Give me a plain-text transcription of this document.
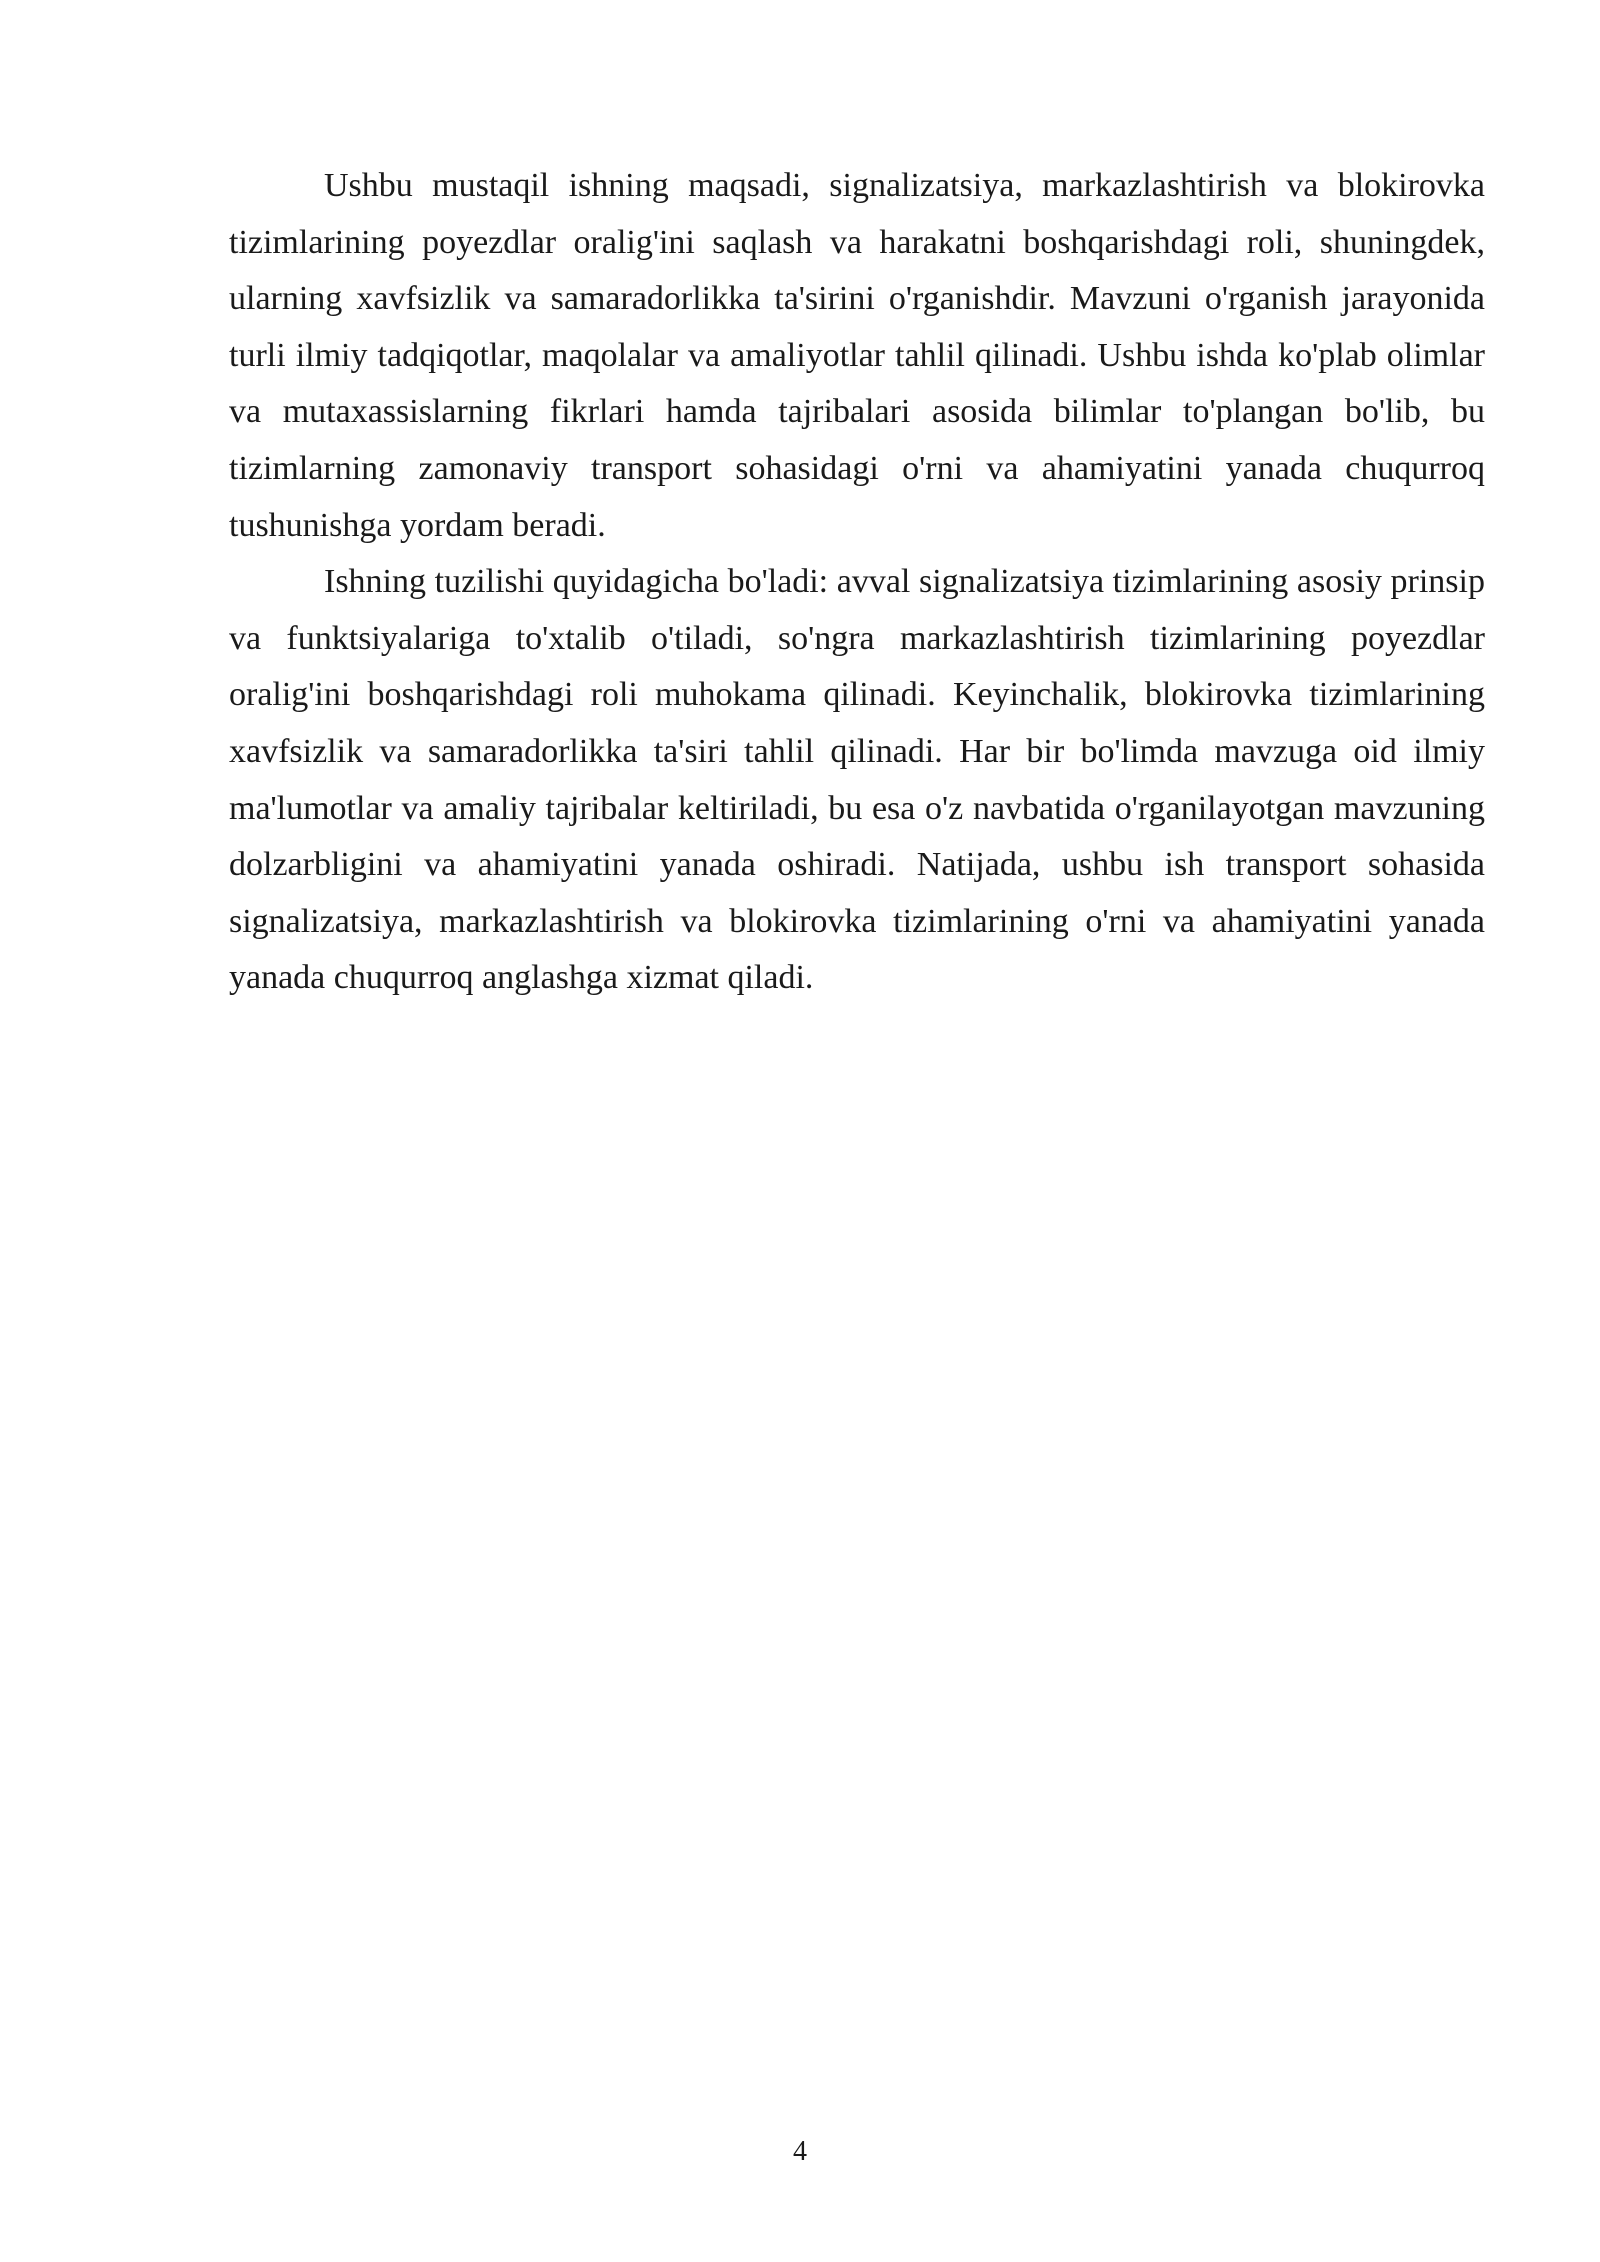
Ushbu mustaqil ishning maqsadi, signalizatsiya, markazlashtirish va blokirovka tizimlarining poyezdlar oralig'ini saqlash va harakatni boshqarishdagi roli, shuningdek, ularning xavfsizlik va samaradorlikka ta'sirini o'rganishdir. Mavzuni o'rganish jarayonida turli ilmiy tadqiqotlar, maqolalar va amaliyotlar tahlil qilinadi. Ushbu ishda ko'plab olimlar va mutaxassislarning fikrlari hamda tajribalari asosida bilimlar to'plangan bo'lib, bu tizimlarning zamonaviy transport sohasidagi o'rni va ahamiyatini yanada chuqurroq tushunishga yordam beradi.

Ishning tuzilishi quyidagicha bo'ladi: avval signalizatsiya tizimlarining asosiy prinsip va funktsiyalariga to'xtalib o'tiladi, so'ngra markazlashtirish tizimlarining poyezdlar oralig'ini boshqarishdagi roli muhokama qilinadi. Keyinchalik, blokirovka tizimlarining xavfsizlik va samaradorlikka ta'siri tahlil qilinadi. Har bir bo'limda mavzuga oid ilmiy ma'lumotlar va amaliy tajribalar keltiriladi, bu esa o'z navbatida o'rganilayotgan mavzuning dolzarbligini va ahamiyatini yanada oshiradi. Natijada, ushbu ish transport sohasida signalizatsiya, markazlashtirish va blokirovka tizimlarining o'rni va ahamiyatini yanada yanada chuqurroq anglashga xizmat qiladi.

4
